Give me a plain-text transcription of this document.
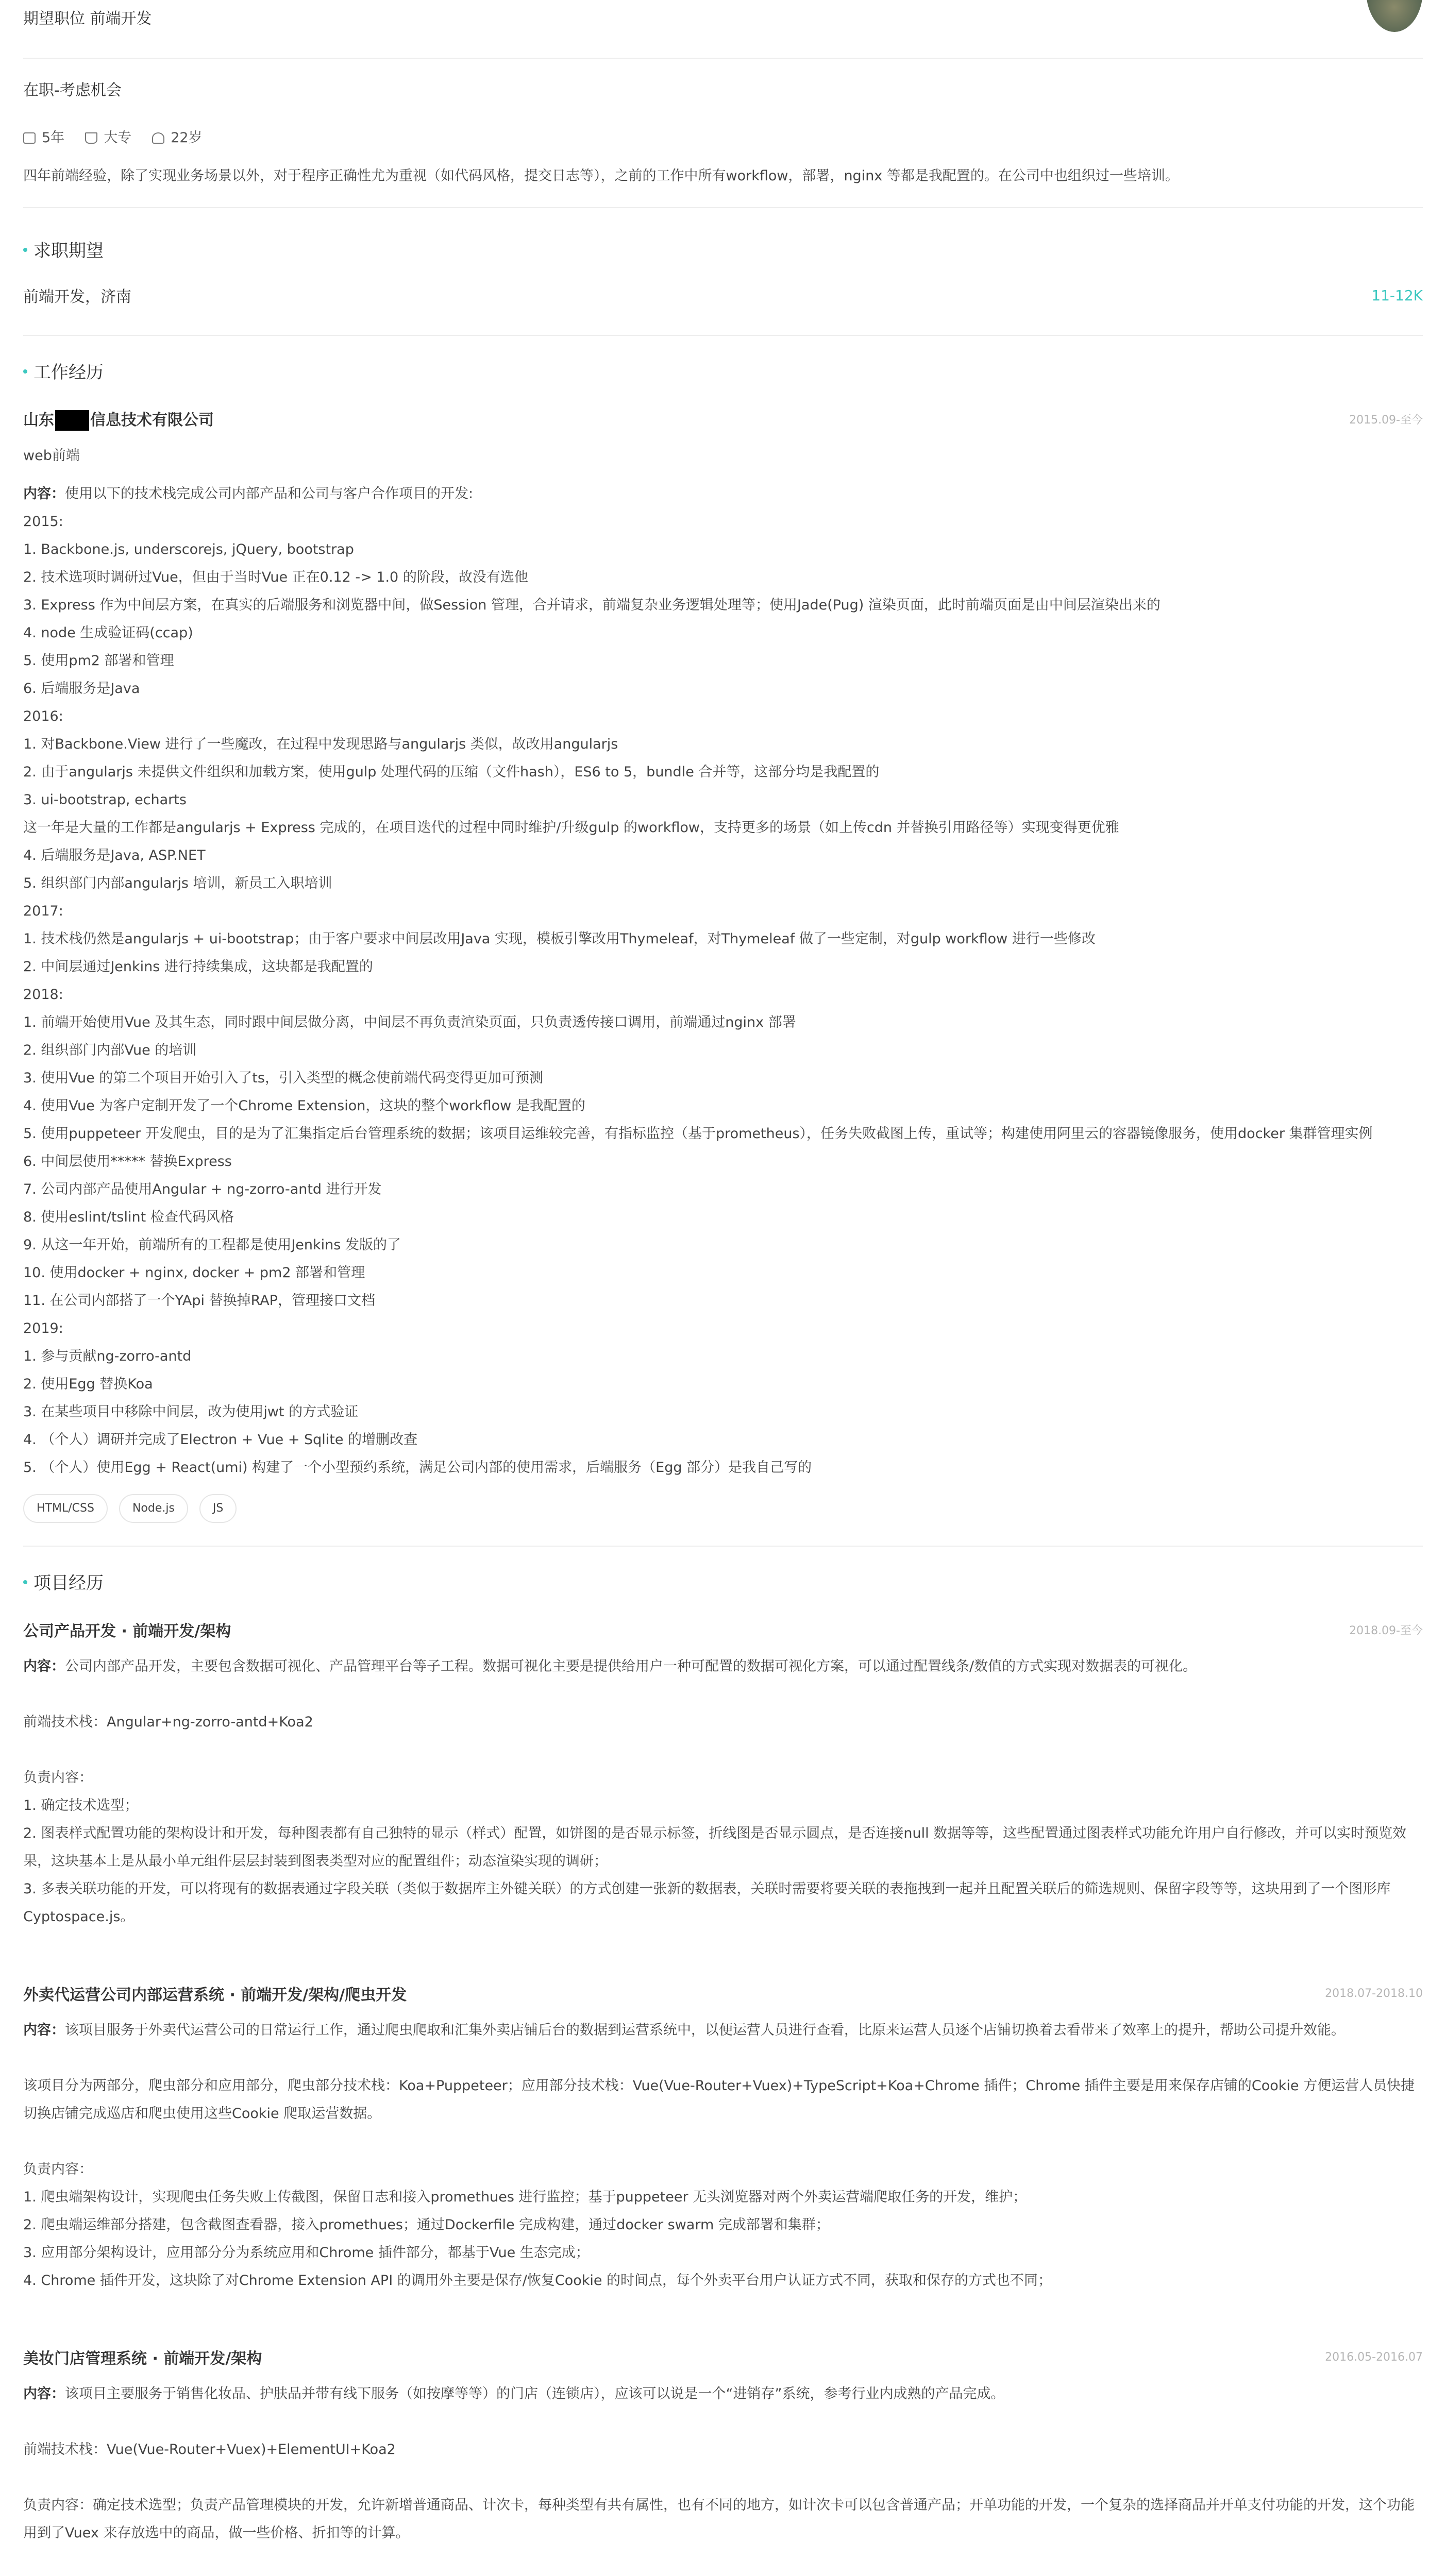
期望职位 前端开发
在职-考虑机会
5年	大专	22岁
四年前端经验，除了实现业务场景以外，对于程序正确性尤为重视（如代码风格，提交日志等），之前的工作中所有workflow，部署，nginx 等都是我配置的。在公司中也组织过一些培训。
求职期望
前端开发，济南	11-12K
工作经历
山东 信息技术有限公司	2015.09-至今
web前端

内容：使用以下的技术栈完成公司内部产品和公司与客户合作项目的开发:

2015:

1. Backbone.js, underscorejs, jQuery, bootstrap

2. 技术选项时调研过Vue，但由于当时Vue 正在0.12 -> 1.0 的阶段，故没有选他

3. Express 作为中间层方案，在真实的后端服务和浏览器中间，做Session 管理，合并请求，前端复杂业务逻辑处理等；使用Jade(Pug) 渲染页面，此时前端页面是由中间层渲染出来的

4. node 生成验证码(ccap)

5. 使用pm2 部署和管理

6. 后端服务是Java

2016:

1. 对Backbone.View 进行了一些魔改，在过程中发现思路与angularjs 类似，故改用angularjs

2. 由于angularjs 未提供文件组织和加载方案，使用gulp 处理代码的压缩（文件hash），ES6 to 5，bundle 合并等，这部分均是我配置的

3. ui-bootstrap, echarts

这一年是大量的工作都是angularjs + Express 完成的，在项目迭代的过程中同时维护/升级gulp 的workflow，支持更多的场景（如上传cdn 并替换引用路径等）实现变得更优雅

4. 后端服务是Java, ASP.NET

5. 组织部门内部angularjs 培训，新员工入职培训

2017:

1. 技术栈仍然是angularjs + ui-bootstrap；由于客户要求中间层改用Java 实现，模板引擎改用Thymeleaf，对Thymeleaf 做了一些定制，对gulp workflow 进行一些修改

2. 中间层通过Jenkins 进行持续集成，这块都是我配置的

2018:

1. 前端开始使用Vue 及其生态，同时跟中间层做分离，中间层不再负责渲染页面，只负责透传接口调用，前端通过nginx 部署

2. 组织部门内部Vue 的培训

3. 使用Vue 的第二个项目开始引入了ts，引入类型的概念使前端代码变得更加可预测

4. 使用Vue 为客户定制开发了一个Chrome Extension，这块的整个workflow 是我配置的

5. 使用puppeteer 开发爬虫，目的是为了汇集指定后台管理系统的数据；该项目运维较完善，有指标监控（基于prometheus），任务失败截图上传，重试等；构建使用阿里云的容器镜像服务，使用docker 集群管理实例

6. 中间层使用***** 替换Express

7. 公司内部产品使用Angular + ng-zorro-antd 进行开发

8. 使用eslint/tslint 检查代码风格

9. 从这一年开始，前端所有的工程都是使用Jenkins 发版的了

10. 使用docker + nginx, docker + pm2 部署和管理

11. 在公司内部搭了一个YApi 替换掉RAP，管理接口文档

2019:

1. 参与贡献ng-zorro-antd

2. 使用Egg 替换Koa

3. 在某些项目中移除中间层，改为使用jwt 的方式验证

4. （个人）调研并完成了Electron + Vue + Sqlite 的增删改查

5. （个人）使用Egg + React(umi) 构建了一个小型预约系统，满足公司内部的使用需求，后端服务（Egg 部分）是我自己写的

HTML/CSS	Node.js	JS
项目经历
公司产品开发 · 前端开发/架构	2018.09-至今

内容：公司内部产品开发，主要包含数据可视化、产品管理平台等子工程。数据可视化主要是提供给用户一种可配置的数据可视化方案，可以通过配置线条/数值的方式实现对数据表的可视化。

前端技术栈：Angular+ng-zorro-antd+Koa2

负责内容：

1. 确定技术选型；

2. 图表样式配置功能的架构设计和开发，每种图表都有自己独特的显示（样式）配置，如饼图的是否显示标签，折线图是否显示圆点，是否连接null 数据等等，这些配置通过图表样式功能允许用户自行修改，并可以实时预览效果，这块基本上是从最小单元组件层层封装到图表类型对应的配置组件；动态渲染实现的调研；

3. 多表关联功能的开发，可以将现有的数据表通过字段关联（类似于数据库主外键关联）的方式创建一张新的数据表，关联时需要将要关联的表拖拽到一起并且配置关联后的筛选规则、保留字段等等，这块用到了一个图形库Cyptospace.js。

外卖代运营公司内部运营系统 · 前端开发/架构/爬虫开发	2018.07-2018.10

内容：该项目服务于外卖代运营公司的日常运行工作，通过爬虫爬取和汇集外卖店铺后台的数据到运营系统中，以便运营人员进行查看，比原来运营人员逐个店铺切换着去看带来了效率上的提升，帮助公司提升效能。

该项目分为两部分，爬虫部分和应用部分，爬虫部分技术栈：Koa+Puppeteer；应用部分技术栈：Vue(Vue-Router+Vuex)+TypeScript+Koa+Chrome 插件；Chrome 插件主要是用来保存店铺的Cookie 方便运营人员快捷切换店铺完成巡店和爬虫使用这些Cookie 爬取运营数据。

负责内容：

1. 爬虫端架构设计，实现爬虫任务失败上传截图，保留日志和接入promethues 进行监控；基于puppeteer 无头浏览器对两个外卖运营端爬取任务的开发，维护；

2. 爬虫端运维部分搭建，包含截图查看器，接入promethues；通过Dockerfile 完成构建，通过docker swarm 完成部署和集群；

3. 应用部分架构设计，应用部分分为系统应用和Chrome 插件部分，都基于Vue 生态完成；

4. Chrome 插件开发，这块除了对Chrome Extension API 的调用外主要是保存/恢复Cookie 的时间点，每个外卖平台用户认证方式不同，获取和保存的方式也不同；

美妆门店管理系统 · 前端开发/架构	2016.05-2016.07

内容：该项目主要服务于销售化妆品、护肤品并带有线下服务（如按摩等等）的门店（连锁店），应该可以说是一个“进销存”系统，参考行业内成熟的产品完成。

前端技术栈：Vue(Vue-Router+Vuex)+ElementUI+Koa2

负责内容：确定技术选型；负责产品管理模块的开发，允许新增普通商品、计次卡，每种类型有共有属性，也有不同的地方，如计次卡可以包含普通产品；开单功能的开发，一个复杂的选择商品并开单支付功能的开发，这个功能用到了Vuex 来存放选中的商品，做一些价格、折扣等的计算。
